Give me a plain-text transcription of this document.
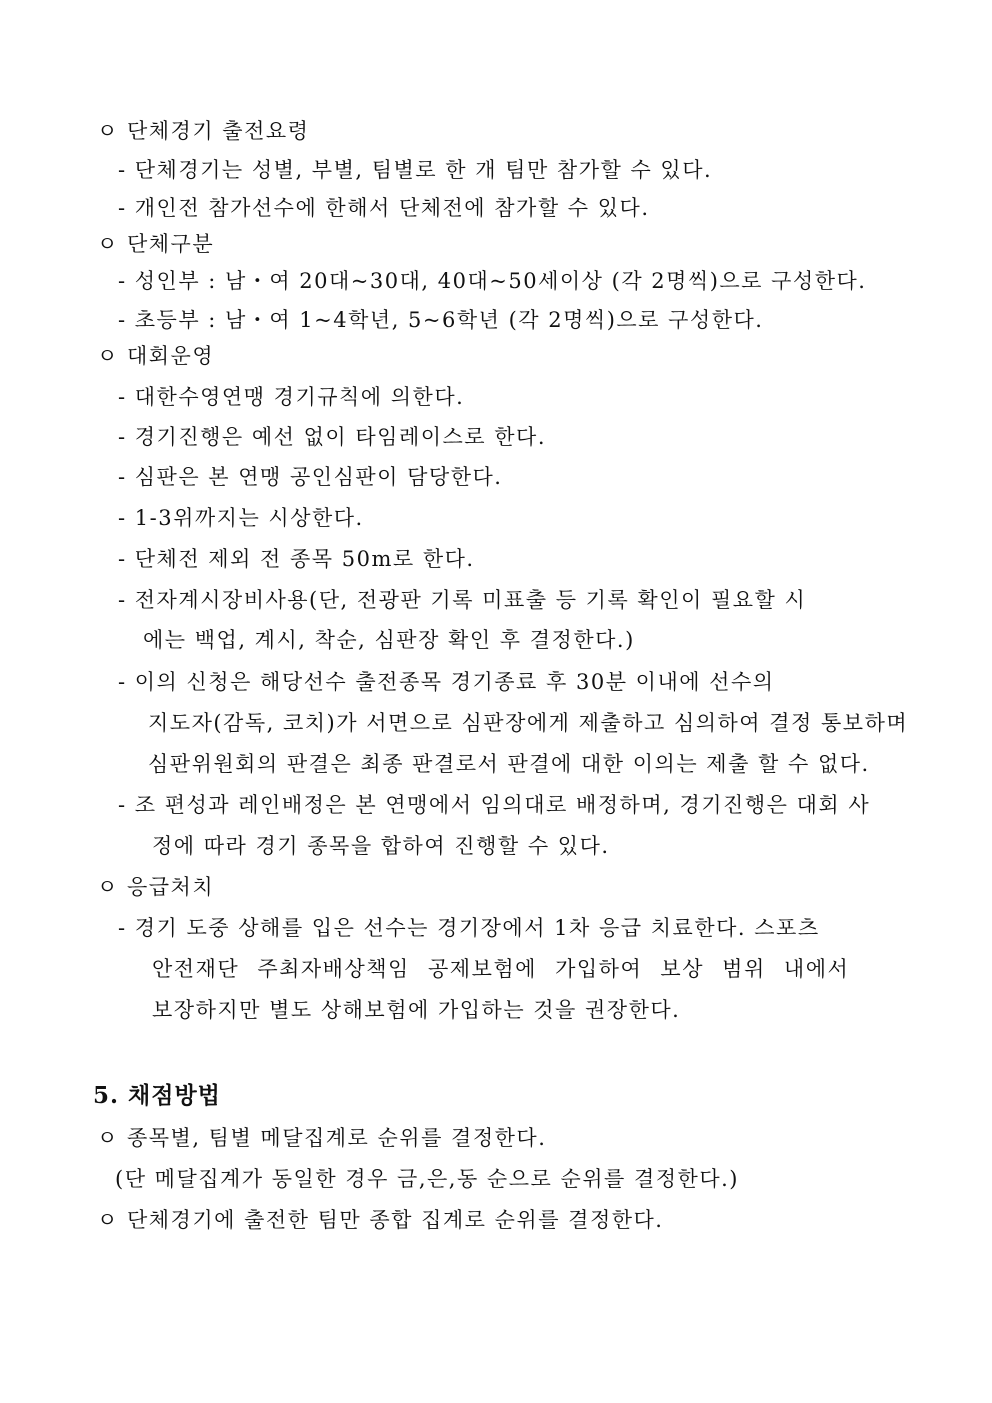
ㅇ 단체경기 출전요령
- 단체경기는 성별, 부별, 팀별로 한 개 팀만 참가할 수 있다.
- 개인전 참가선수에 한해서 단체전에 참가할 수 있다.
ㅇ 단체구분
- 성인부 : 남・여 20대~30대, 40대~50세이상 (각 2명씩)으로 구성한다.
- 초등부 : 남・여 1~4학년, 5~6학년 (각 2명씩)으로 구성한다.
ㅇ 대회운영
- 대한수영연맹 경기규칙에 의한다.
- 경기진행은 예선 없이 타임레이스로 한다.
- 심판은 본 연맹 공인심판이 담당한다.
- 1-3위까지는 시상한다.
- 단체전 제외 전 종목 50m로 한다.
- 전자계시장비사용(단, 전광판 기록 미표출 등 기록 확인이 필요할 시
에는 백업, 계시, 착순, 심판장 확인 후 결정한다.)
- 이의 신청은 해당선수 출전종목 경기종료 후 30분 이내에 선수의
지도자(감독, 코치)가 서면으로 심판장에게 제출하고 심의하여 결정 통보하며
심판위원회의 판결은 최종 판결로서 판결에 대한 이의는 제출 할 수 없다.
- 조 편성과 레인배정은 본 연맹에서 임의대로 배정하며, 경기진행은 대회 사
정에 따라 경기 종목을 합하여 진행할 수 있다.
ㅇ 응급처치
- 경기 도중 상해를 입은 선수는 경기장에서 1차 응급 치료한다. 스포츠
안전재단 주최자배상책임 공제보험에 가입하여 보상 범위 내에서
보장하지만 별도 상해보험에 가입하는 것을 권장한다.
5. 채점방법
ㅇ 종목별, 팀별 메달집계로 순위를 결정한다.
(단 메달집계가 동일한 경우 금,은,동 순으로 순위를 결정한다.)
ㅇ 단체경기에 출전한 팀만 종합 집계로 순위를 결정한다.
